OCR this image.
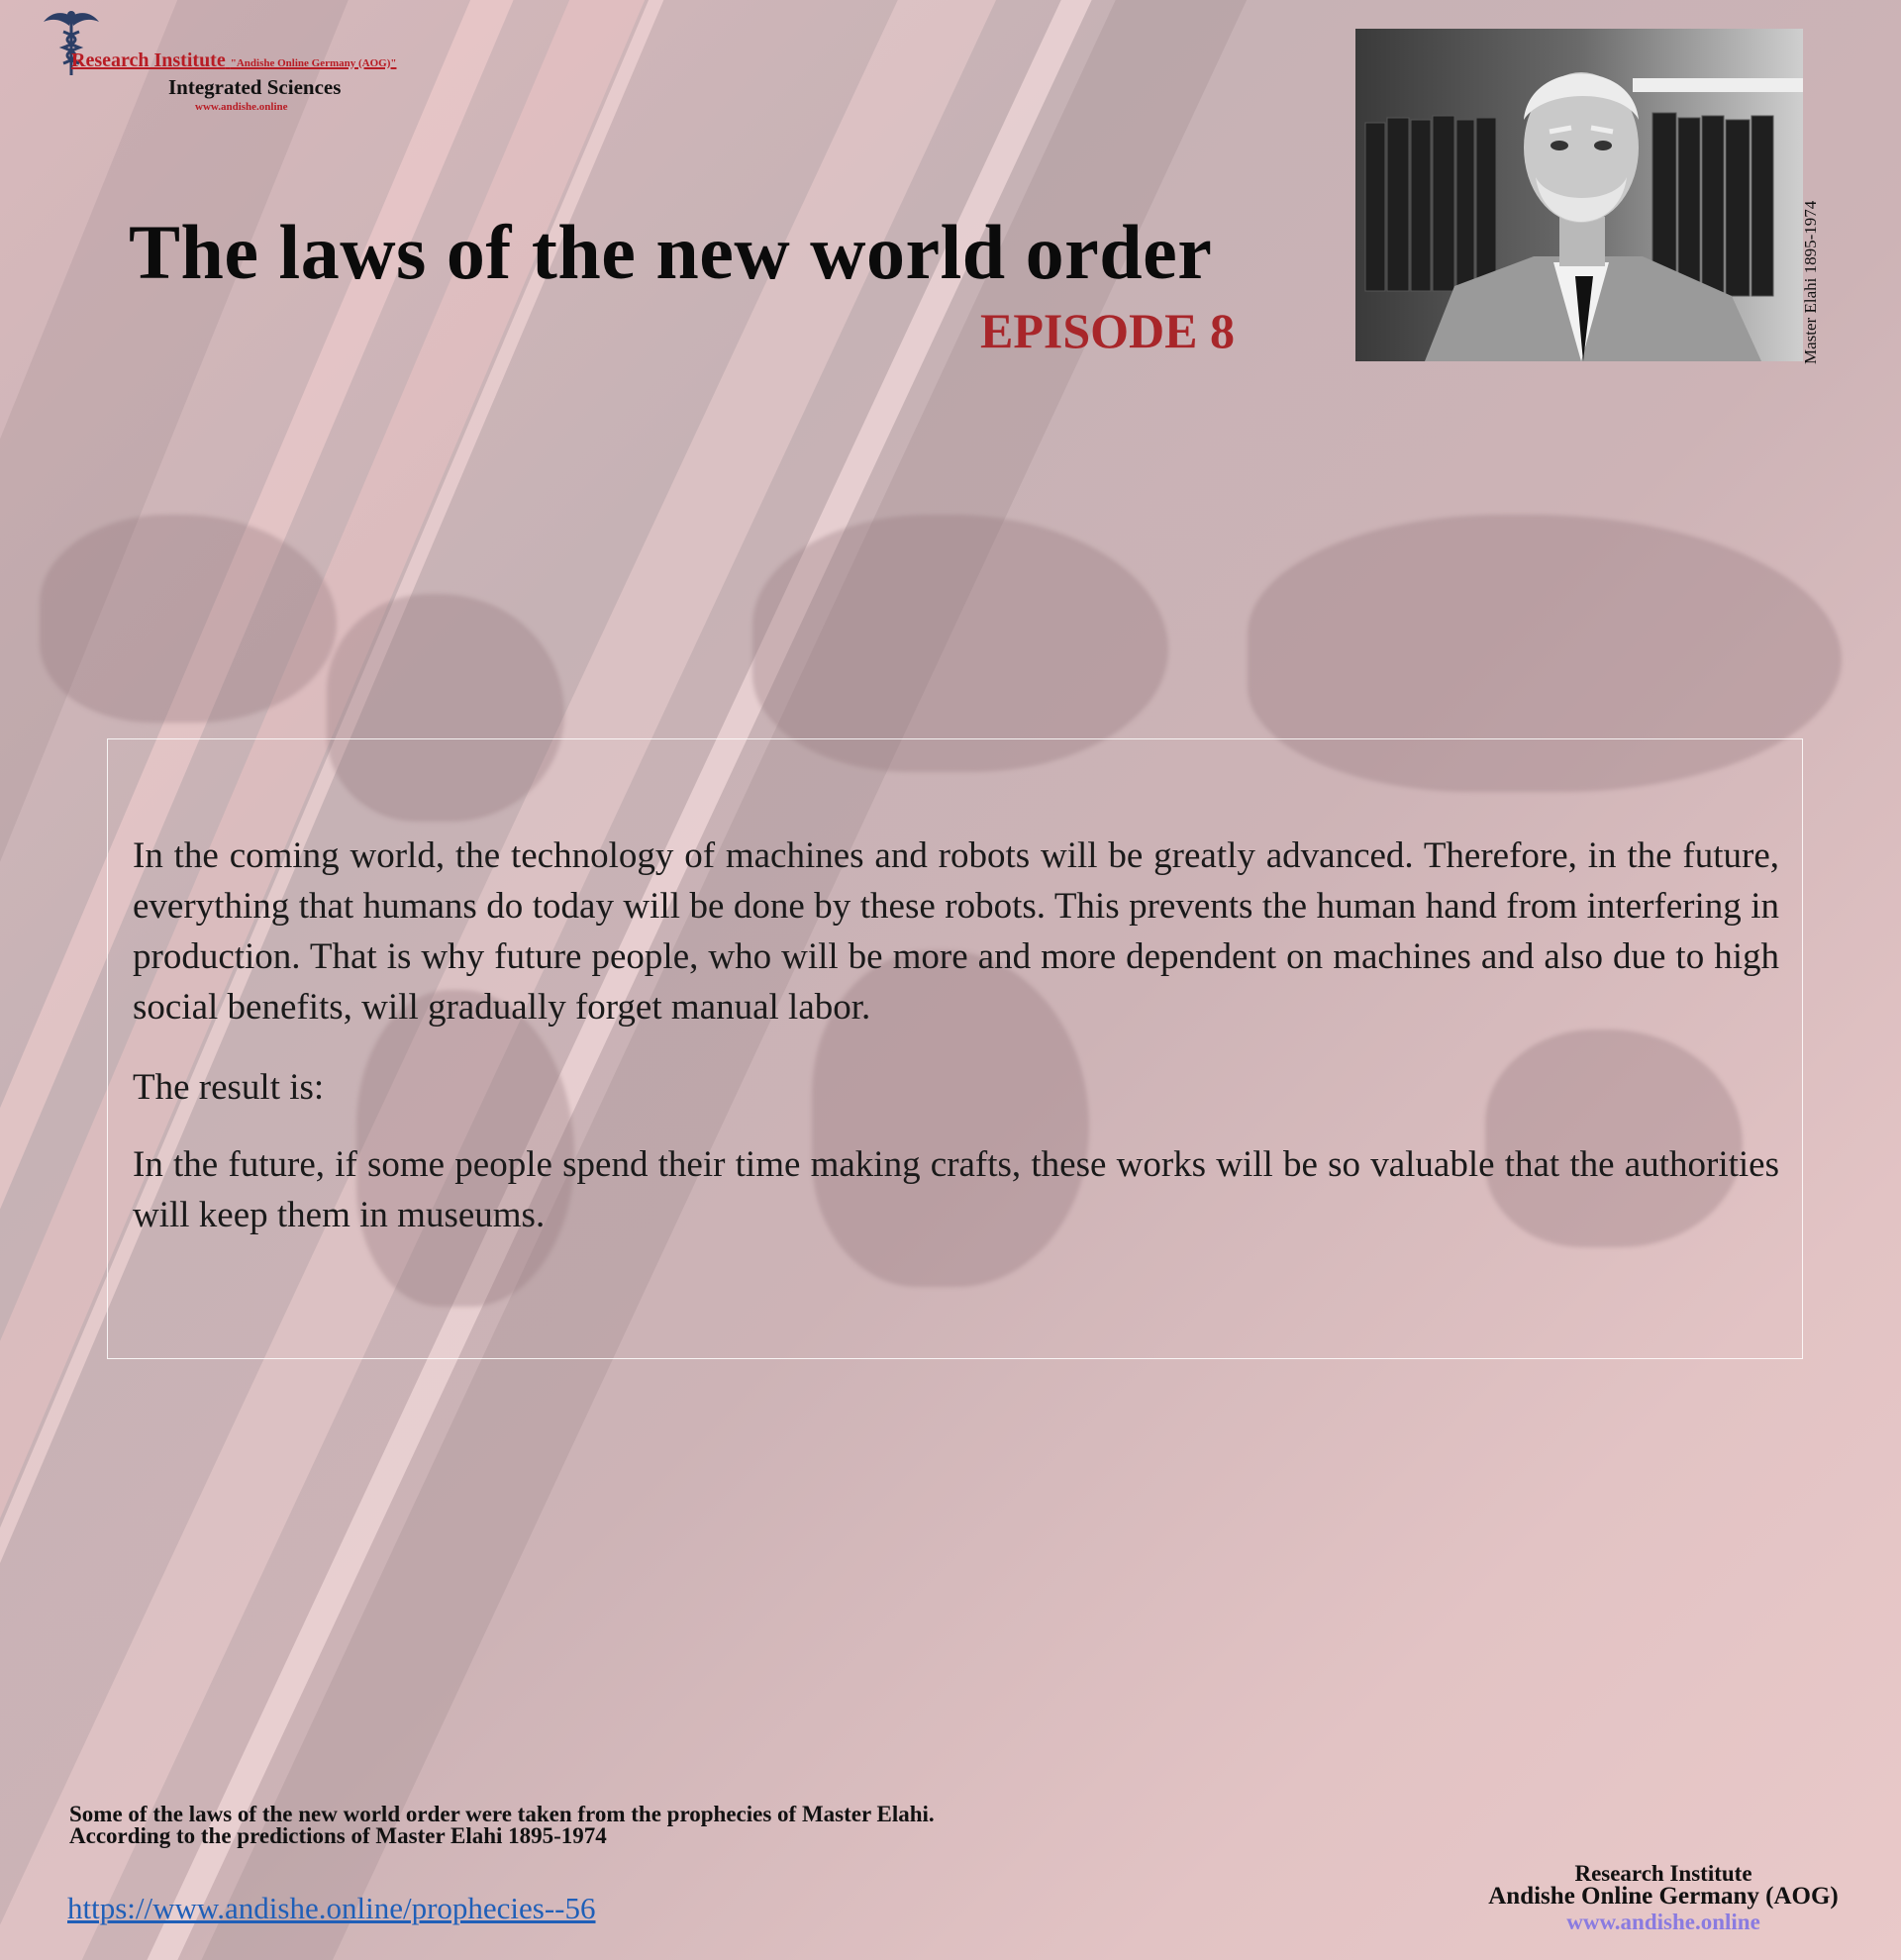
Research Institute "Andishe Online Germany (AOG)"
Integrated Sciences
www.andishe.online
The laws of the new world order
EPISODE 8	Master Elahi 1895-1974

In the coming world, the technology of machines and robots will be greatly advanced. Therefore, in the future, everything that humans do today will be done by these robots. This prevents the human hand from interfering in production. That is why future people, who will be more and more dependent on machines and also due to high social benefits, will gradually forget manual labor.

The result is:

In the future, if some people spend their time making crafts, these works will be so valuable that the authorities will keep them in museums.

Some of the laws of the new world order were taken from the prophecies of Master Elahi.
According to the predictions of Master Elahi 1895-1974
https://www.andishe.online/prophecies--56
Research Institute
Andishe Online Germany (AOG)
www.andishe.online
